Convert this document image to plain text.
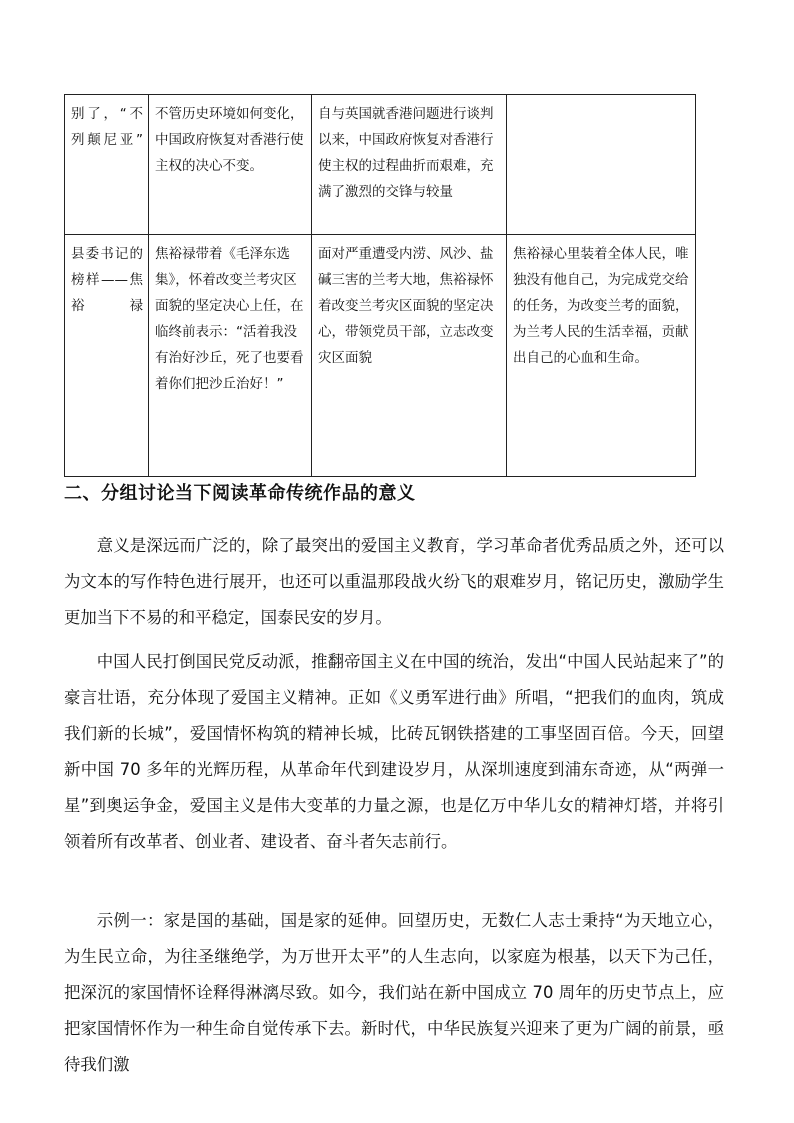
别了，“不列颠尼亚”	不管历史环境如何变化，中国政府恢复对香港行使主权的决心不变。	自与英国就香港问题进行谈判以来，中国政府恢复对香港行使主权的过程曲折而艰难，充满了激烈的交锋与较量	
县委书记的榜样——焦裕禄	焦裕禄带着《毛泽东选集》，怀着改变兰考灾区面貌的坚定决心上任，在临终前表示：“活着我没有治好沙丘，死了也要看着你们把沙丘治好！”	面对严重遭受内涝、风沙、盐碱三害的兰考大地，焦裕禄怀着改变兰考灾区面貌的坚定决心，带领党员干部，立志改变灾区面貌	焦裕禄心里装着全体人民，唯独没有他自己，为完成党交给的任务，为改变兰考的面貌，为兰考人民的生活幸福，贡献出自己的心血和生命。
二、分组讨论当下阅读革命传统作品的意义

意义是深远而广泛的，除了最突出的爱国主义教育，学习革命者优秀品质之外，还可以为文本的写作特色进行展开，也还可以重温那段战火纷飞的艰难岁月，铭记历史，激励学生更加当下不易的和平稳定，国泰民安的岁月。

中国人民打倒国民党反动派，推翻帝国主义在中国的统治，发出“中国人民站起来了”的豪言壮语，充分体现了爱国主义精神。正如《义勇军进行曲》所唱，“把我们的血肉，筑成我们新的长城”，爱国情怀构筑的精神长城，比砖瓦钢铁搭建的工事坚固百倍。今天，回望新中国 70 多年的光辉历程，从革命年代到建设岁月，从深圳速度到浦东奇迹，从“两弹一星”到奥运争金，爱国主义是伟大变革的力量之源，也是亿万中华儿女的精神灯塔，并将引领着所有改革者、创业者、建设者、奋斗者矢志前行。

示例一：家是国的基础，国是家的延伸。回望历史，无数仁人志士秉持“为天地立心，为生民立命，为往圣继绝学，为万世开太平”的人生志向，以家庭为根基，以天下为己任，把深沉的家国情怀诠释得淋漓尽致。如今，我们站在新中国成立 70 周年的历史节点上，应把家国情怀作为一种生命自觉传承下去。新时代，中华民族复兴迎来了更为广阔的前景，亟待我们激
